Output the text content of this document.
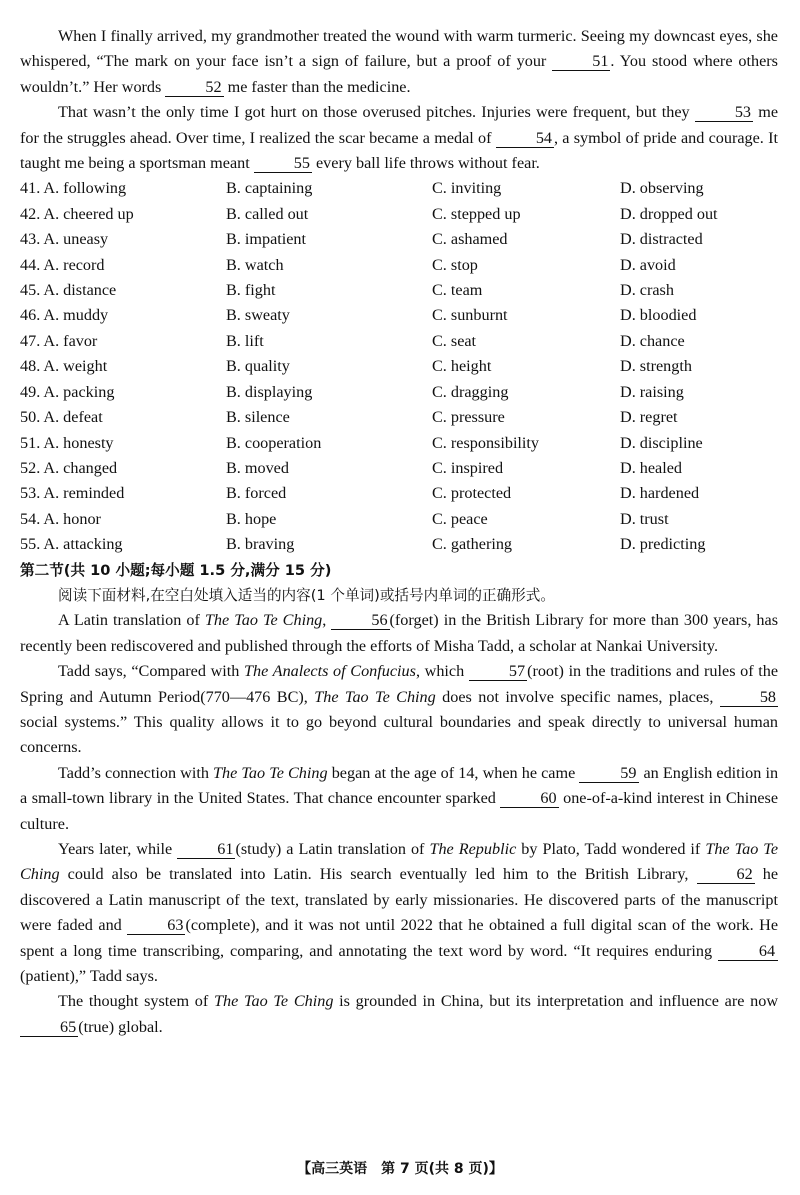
When I finally arrived, my grandmother treated the wound with warm turmeric. Seeing my downcast eyes, she whispered, “The mark on your face isn’t a sign of failure, but a proof of your	51 . You stood where others wouldn’t.” Her words	52 me faster than the medicine.

That wasn’t the only time I got hurt on those overused pitches. Injuries were frequent, but they	53 me for the struggles ahead. Over time, I realized the scar became a medal of	54 , a symbol of pride and courage. It taught me being a sportsman meant	55 every ball life throws without fear.

41. A. following	B. captaining	C. inviting	D. observing
42. A. cheered up	B. called out	C. stepped up	D. dropped out
43. A. uneasy	B. impatient	C. ashamed	D. distracted
44. A. record	B. watch	C. stop	D. avoid
45. A. distance	B. fight	C. team	D. crash
46. A. muddy	B. sweaty	C. sunburnt	D. bloodied
47. A. favor	B. lift	C. seat	D. chance
48. A. weight	B. quality	C. height	D. strength
49. A. packing	B. displaying	C. dragging	D. raising
50. A. defeat	B. silence	C. pressure	D. regret
51. A. honesty	B. cooperation	C. responsibility	D. discipline
52. A. changed	B. moved	C. inspired	D. healed
53. A. reminded	B. forced	C. protected	D. hardened
54. A. honor	B. hope	C. peace	D. trust
55. A. attacking	B. braving	C. gathering	D. predicting

第二节(共 10 小题;每小题 1.5 分,满分 15 分)

阅读下面材料,在空白处填入适当的内容(1 个单词)或括号内单词的正确形式。

A Latin translation of The Tao Te Ching,	56 (forget) in the British Library for more than 300 years, has recently been rediscovered and published through the efforts of Misha Tadd, a scholar at Nankai University.

Tadd says, “Compared with The Analects of Confucius, which	57 (root) in the traditions and rules of the Spring and Autumn Period(770—476 BC), The Tao Te Ching does not involve specific names, places,	58 social systems.” This quality allows it to go beyond cultural boundaries and speak directly to universal human concerns.

Tadd’s connection with The Tao Te Ching began at the age of 14, when he came	59 an English edition in a small-town library in the United States. That chance encounter sparked	60 one-of-a-kind interest in Chinese culture.

Years later, while	61 (study) a Latin translation of The Republic by Plato, Tadd wondered if The Tao Te Ching could also be translated into Latin. His search eventually led him to the British Library,	62 he discovered a Latin manuscript of the text, translated by early missionaries. He discovered parts of the manuscript were faded and	63 (complete), and it was not until 2022 that he obtained a full digital scan of the work. He spent a long time transcribing, comparing, and annotating the text word by word. “It requires enduring	64 (patient),” Tadd says.

The thought system of The Tao Te Ching is grounded in China, but its interpretation and influence are now 65 (true) global.

【高三英语　第 7 页(共 8 页)】
